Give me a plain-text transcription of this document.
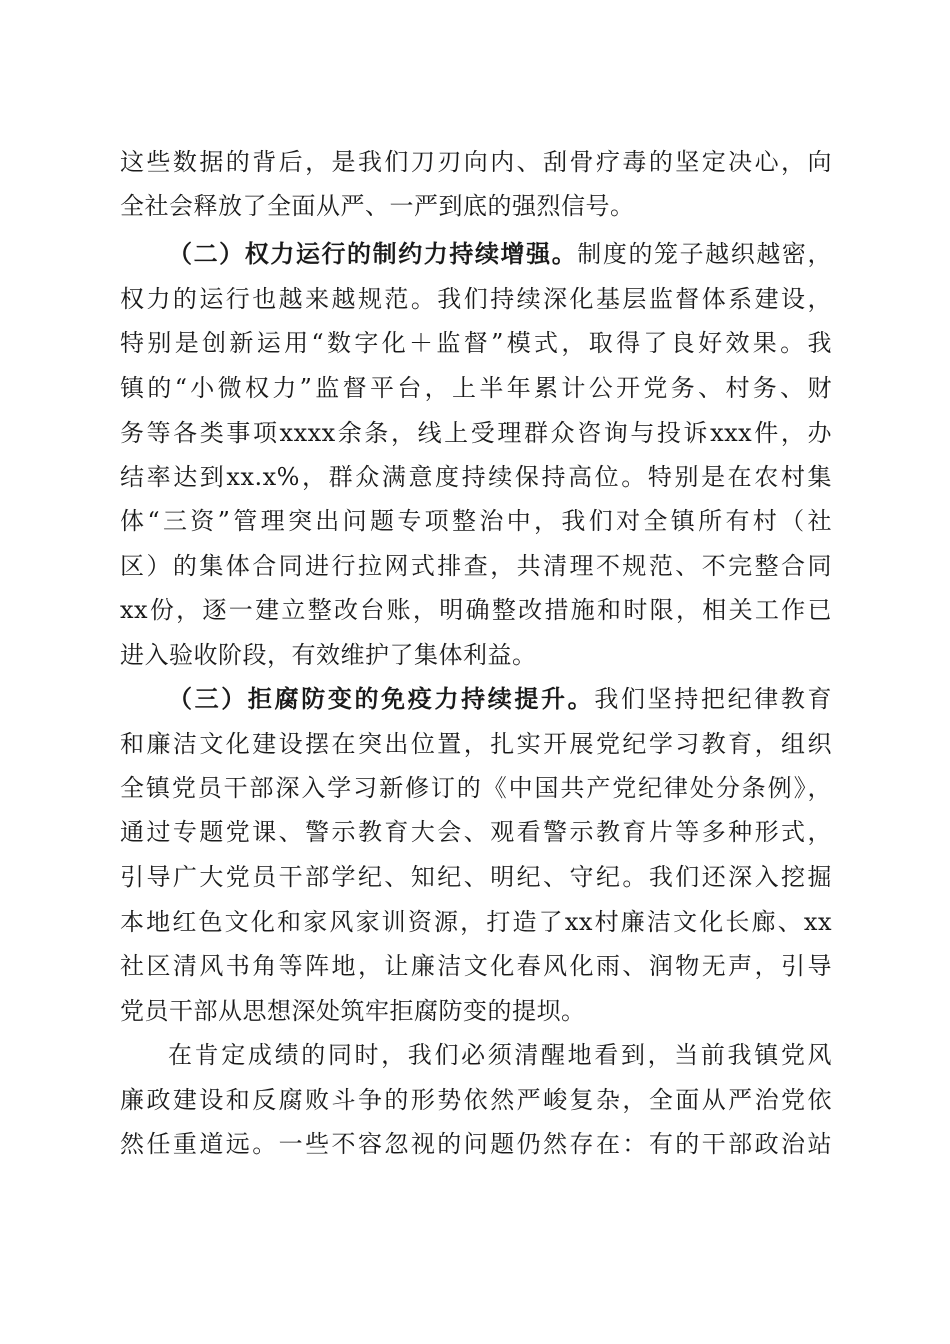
这些数据的背后，是我们刀刃向内、刮骨疗毒的坚定决心，向
全社会释放了全面从严、一严到底的强烈信号。
（二）权力运行的制约力持续增强。制度的笼子越织越密，
权力的运行也越来越规范。我们持续深化基层监督体系建设，
特别是创新运用“数字化＋监督”模式，取得了良好效果。我
镇的“小微权力”监督平台，上半年累计公开党务、村务、财
务等各类事项xxxx余条，线上受理群众咨询与投诉xxx件，办
结率达到xx.x%，群众满意度持续保持高位。特别是在农村集
体“三资”管理突出问题专项整治中，我们对全镇所有村（社
区）的集体合同进行拉网式排查，共清理不规范、不完整合同
xx份，逐一建立整改台账，明确整改措施和时限，相关工作已
进入验收阶段，有效维护了集体利益。
（三）拒腐防变的免疫力持续提升。我们坚持把纪律教育
和廉洁文化建设摆在突出位置，扎实开展党纪学习教育，组织
全镇党员干部深入学习新修订的《中国共产党纪律处分条例》，
通过专题党课、警示教育大会、观看警示教育片等多种形式，
引导广大党员干部学纪、知纪、明纪、守纪。我们还深入挖掘
本地红色文化和家风家训资源，打造了xx村廉洁文化长廊、xx
社区清风书角等阵地，让廉洁文化春风化雨、润物无声，引导
党员干部从思想深处筑牢拒腐防变的提坝。
在肯定成绩的同时，我们必须清醒地看到，当前我镇党风
廉政建设和反腐败斗争的形势依然严峻复杂，全面从严治党依
然任重道远。一些不容忽视的问题仍然存在：有的干部政治站
